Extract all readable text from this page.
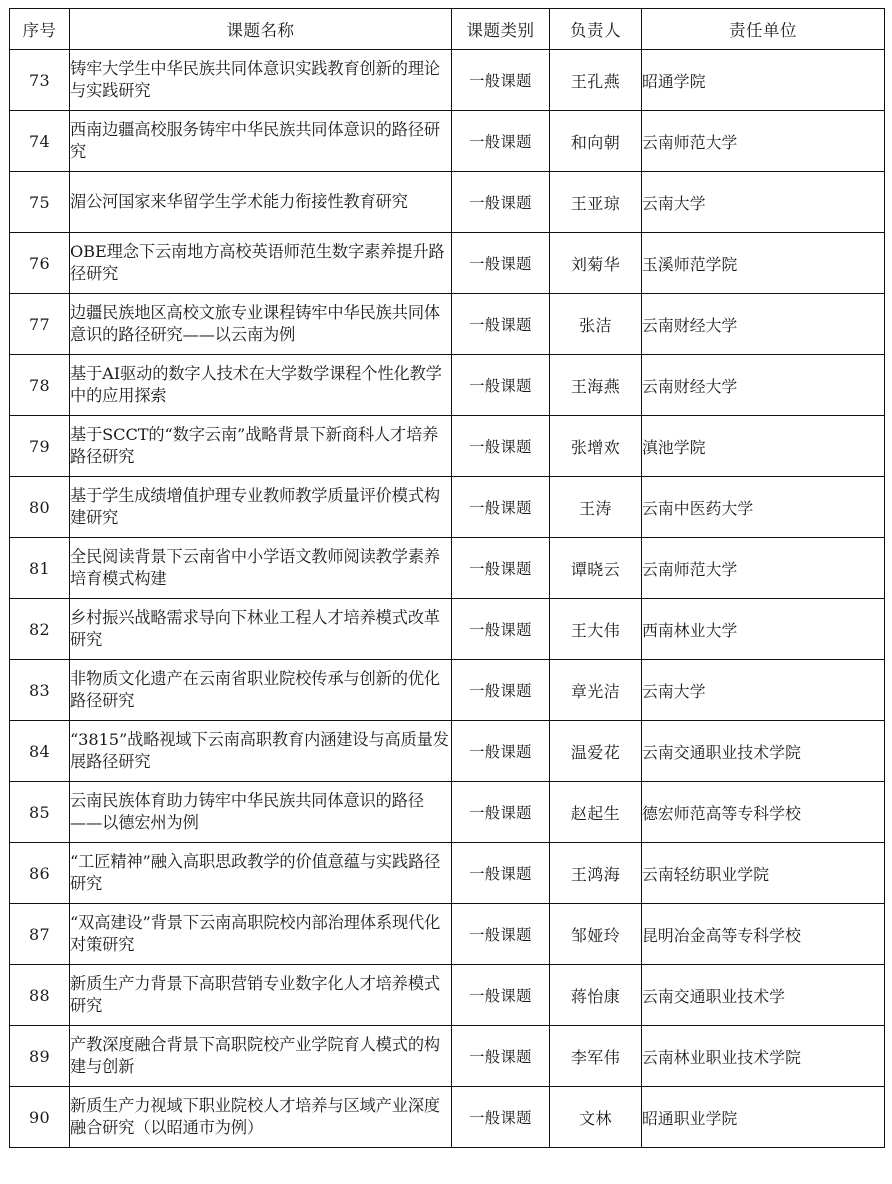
序号	课题名称	课题类别	负责人	责任单位
73	铸牢大学生中华民族共同体意识实践教育创新的理论与实践研究	一般课题	王孔燕	昭通学院
74	西南边疆高校服务铸牢中华民族共同体意识的路径研究	一般课题	和向朝	云南师范大学
75	湄公河国家来华留学生学术能力衔接性教育研究	一般课题	王亚琼	云南大学
76	OBE理念下云南地方高校英语师范生数字素养提升路径研究	一般课题	刘菊华	玉溪师范学院
77	边疆民族地区高校文旅专业课程铸牢中华民族共同体意识的路径研究——以云南为例	一般课题	张洁	云南财经大学
78	基于AI驱动的数字人技术在大学数学课程个性化教学中的应用探索	一般课题	王海燕	云南财经大学
79	基于SCCT的“数字云南”战略背景下新商科人才培养路径研究	一般课题	张增欢	滇池学院
80	基于学生成绩增值护理专业教师教学质量评价模式构建研究	一般课题	王涛	云南中医药大学
81	全民阅读背景下云南省中小学语文教师阅读教学素养培育模式构建	一般课题	谭晓云	云南师范大学
82	乡村振兴战略需求导向下林业工程人才培养模式改革研究	一般课题	王大伟	西南林业大学
83	非物质文化遗产在云南省职业院校传承与创新的优化路径研究	一般课题	章光洁	云南大学
84	“3815”战略视域下云南高职教育内涵建设与高质量发展路径研究	一般课题	温爱花	云南交通职业技术学院
85	云南民族体育助力铸牢中华民族共同体意识的路径——以德宏州为例	一般课题	赵起生	德宏师范高等专科学校
86	“工匠精神”融入高职思政教学的价值意蕴与实践路径研究	一般课题	王鸿海	云南轻纺职业学院
87	“双高建设”背景下云南高职院校内部治理体系现代化对策研究	一般课题	邹娅玲	昆明冶金高等专科学校
88	新质生产力背景下高职营销专业数字化人才培养模式研究	一般课题	蒋怡康	云南交通职业技术学
89	产教深度融合背景下高职院校产业学院育人模式的构建与创新	一般课题	李军伟	云南林业职业技术学院
90	新质生产力视域下职业院校人才培养与区域产业深度融合研究（以昭通市为例）	一般课题	文林	昭通职业学院
